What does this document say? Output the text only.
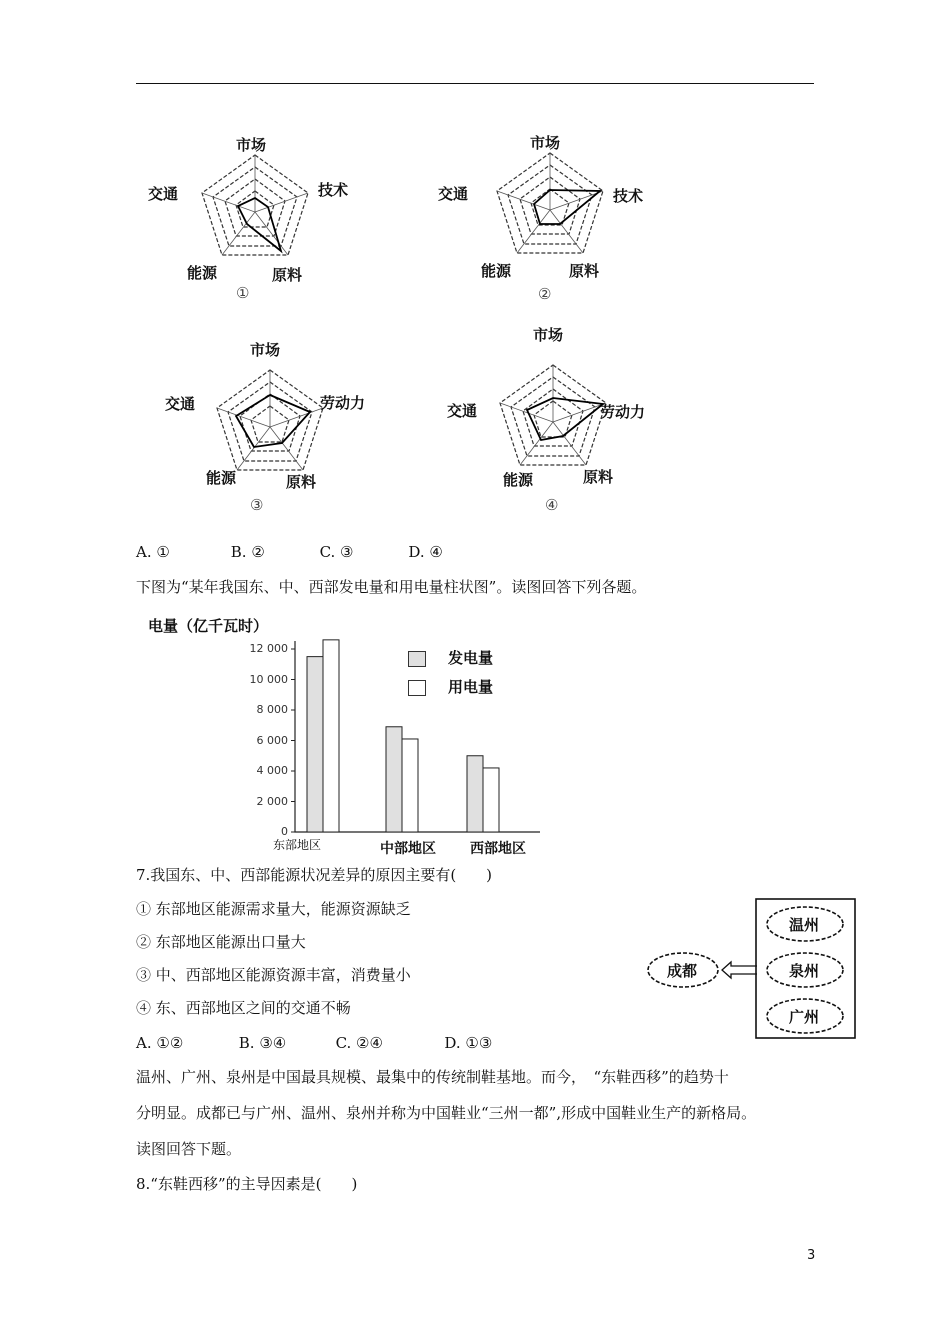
市场
技术
原料
能源
交通
①
市场
技术
原料
能源
交通
②
市场
劳动力
原料
能源
交通
③
市场
劳动力
原料
能源
交通
④
A. ①	B. ②	C. ③	D. ④
下图为“某年我国东、中、西部发电量和用电量柱状图”。读图回答下列各题。
电量（亿千瓦时）
0
2 000
4 000
6 000
8 000
10 000
12 000
东部地区	中部地区 西部地区
发电量
用电量
7.我国东、中、西部能源状况差异的原因主要有(　　)
① 东部地区能源需求量大，能源资源缺乏
② 东部地区能源出口量大
③ 中、西部地区能源资源丰富，消费量小
④ 东、西部地区之间的交通不畅
A. ①②	B. ③④	C. ②④	D. ①③
成都
温州
泉州
广州
温州、广州、泉州是中国最具规模、最集中的传统制鞋基地。而今，　“东鞋西移”的趋势十
分明显。成都已与广州、温州、泉州并称为中国鞋业“三州一都”,形成中国鞋业生产的新格局。
读图回答下题。
8.“东鞋西移”的主导因素是(　　)
3
